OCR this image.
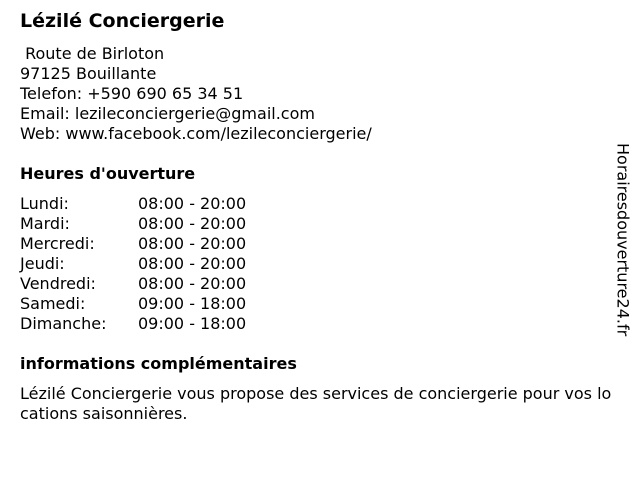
Lézilé Conciergerie
Route de Birloton
97125 Bouillante
Telefon: +590 690 65 34 51
Email: lezileconciergerie@gmail.com
Web: www.facebook.com/lezileconciergerie/
Heures d'ouverture
Lundi:	08:00 - 20:00
Mardi:	08:00 - 20:00
Mercredi:	08:00 - 20:00
Jeudi:	08:00 - 20:00
Vendredi:	08:00 - 20:00
Samedi:	09:00 - 18:00
Dimanche: 09:00 - 18:00
informations complémentaires
Lézilé Conciergerie vous propose des services de conciergerie pour vos locations saisonnières.
Horairesdouverture24.fr
